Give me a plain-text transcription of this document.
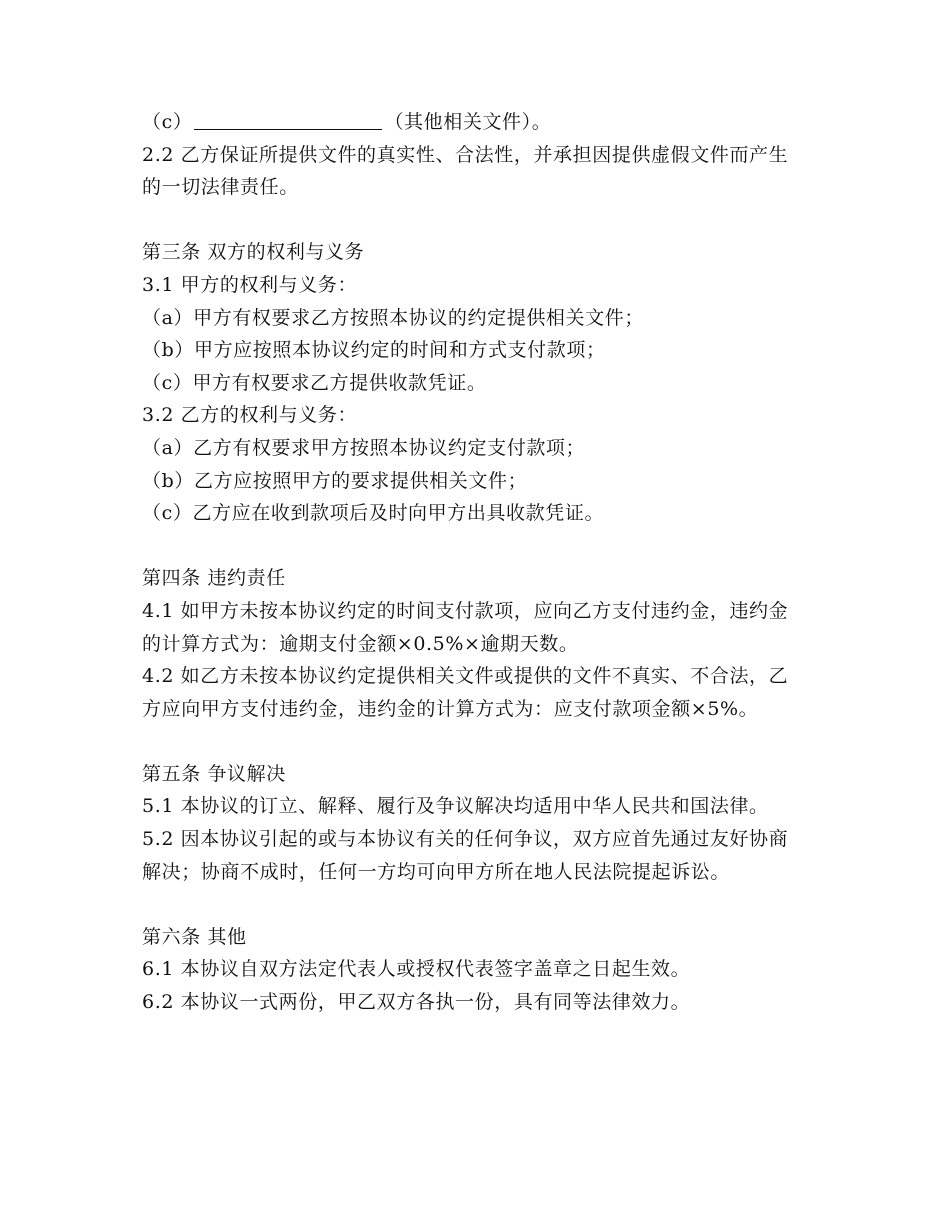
（c）	（其他相关文件）。

2.2 乙方保证所提供文件的真实性、合法性，并承担因提供虚假文件而产生的一切法律责任。

第三条 双方的权利与义务
3.1 甲方的权利与义务：
（a）甲方有权要求乙方按照本协议的约定提供相关文件；
（b）甲方应按照本协议约定的时间和方式支付款项；
（c）甲方有权要求乙方提供收款凭证。
3.2 乙方的权利与义务：
（a）乙方有权要求甲方按照本协议约定支付款项；
（b）乙方应按照甲方的要求提供相关文件；
（c）乙方应在收到款项后及时向甲方出具收款凭证。
第四条 违约责任

4.1 如甲方未按本协议约定的时间支付款项，应向乙方支付违约金，违约金的计算方式为：逾期支付金额×0.5%×逾期天数。

4.2 如乙方未按本协议约定提供相关文件或提供的文件不真实、不合法，乙方应向甲方支付违约金，违约金的计算方式为：应支付款项金额×5%。

第五条 争议解决

5.1 本协议的订立、解释、履行及争议解决均适用中华人民共和国法律。

5.2 因本协议引起的或与本协议有关的任何争议，双方应首先通过友好协商解决；协商不成时，任何一方均可向甲方所在地人民法院提起诉讼。

第六条 其他
6.1 本协议自双方法定代表人或授权代表签字盖章之日起生效。
6.2 本协议一式两份，甲乙双方各执一份，具有同等法律效力。
